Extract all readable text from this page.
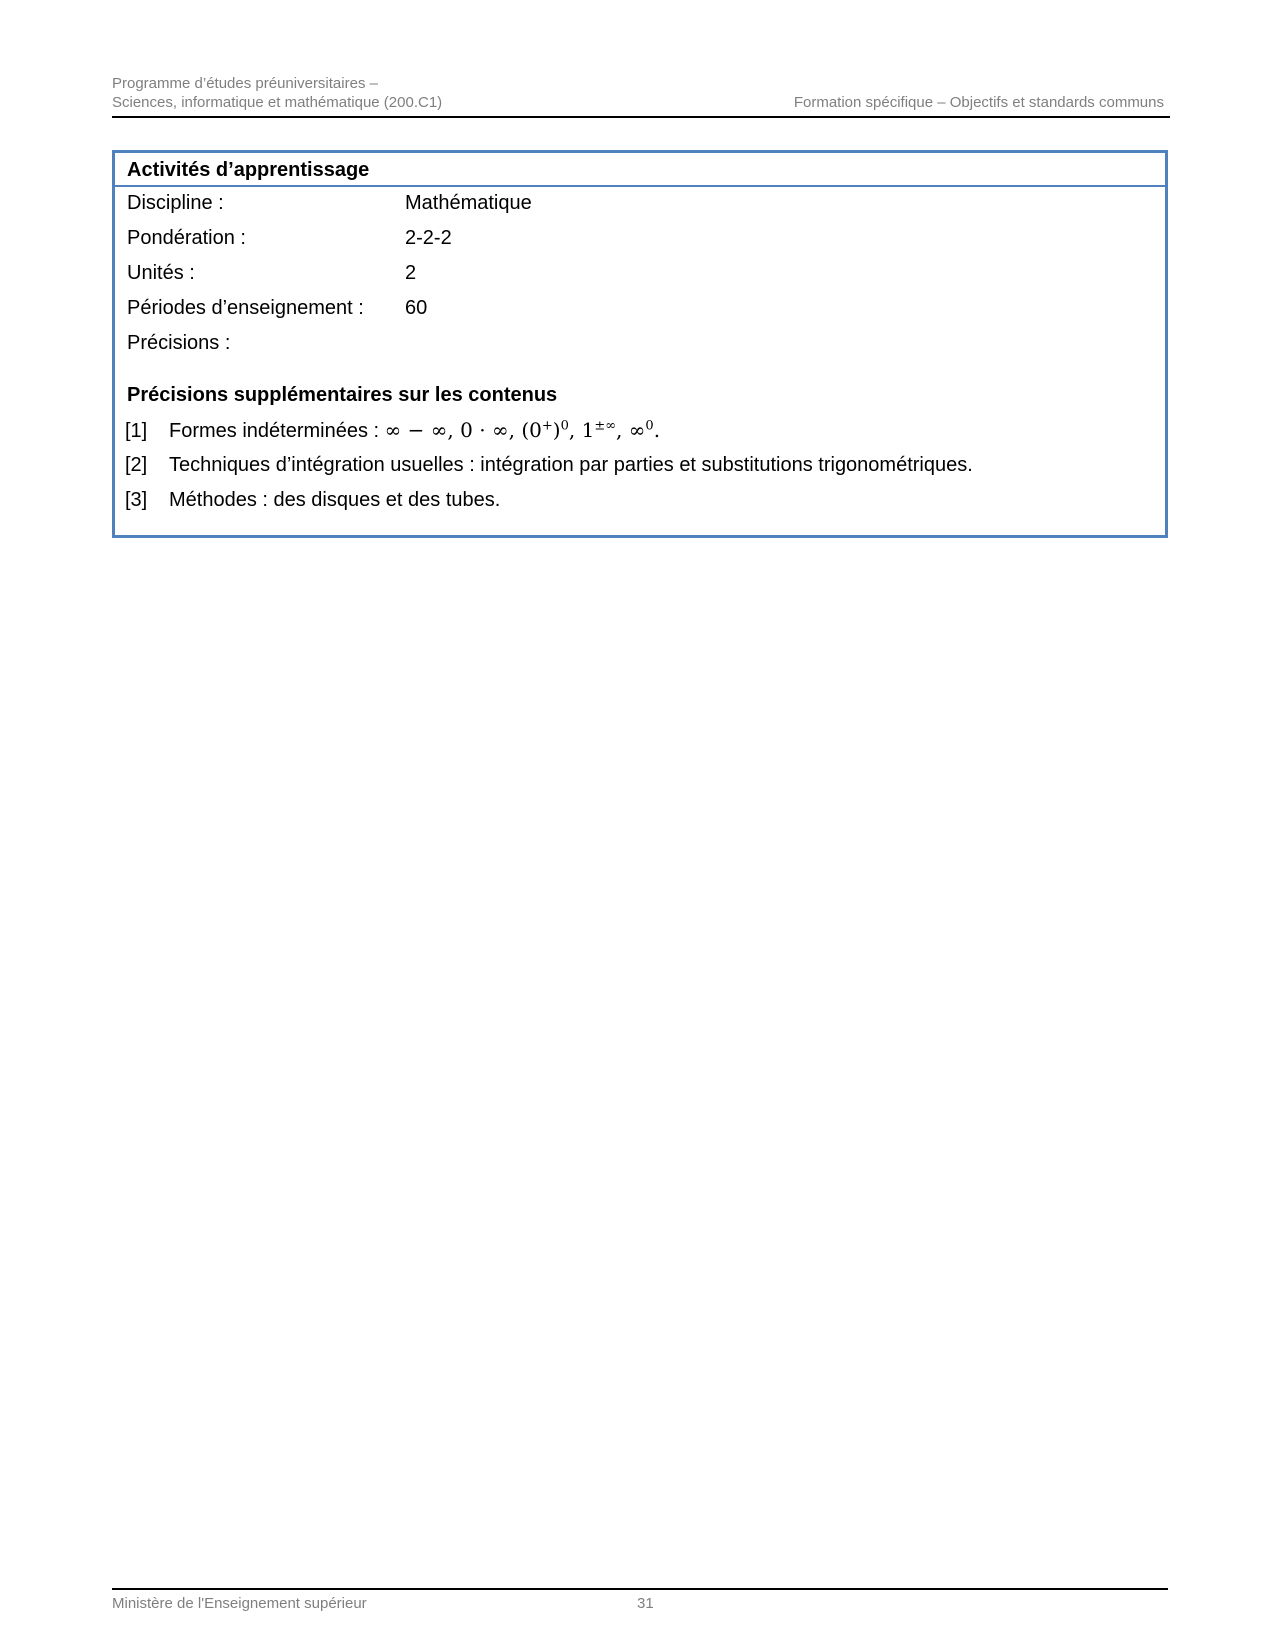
Programme d’études préuniversitaires –
Sciences, informatique et mathématique (200.C1)	Formation spécifique – Objectifs et standards communs
Activités d’apprentissage
Discipline :	Mathématique
Pondération :	2-2-2
Unités :	2
Périodes d’enseignement : 60
Précisions :
Précisions supplémentaires sur les contenus
[1] Formes indéterminées : ∞ − ∞, 0 · ∞, $(0^+)^0$, 1±∞, ∞$^0$.
[2] Techniques d’intégration usuelles : intégration par parties et substitutions trigonométriques.
[3] Méthodes : des disques et des tubes.
Ministère de l'Enseignement supérieur	31
